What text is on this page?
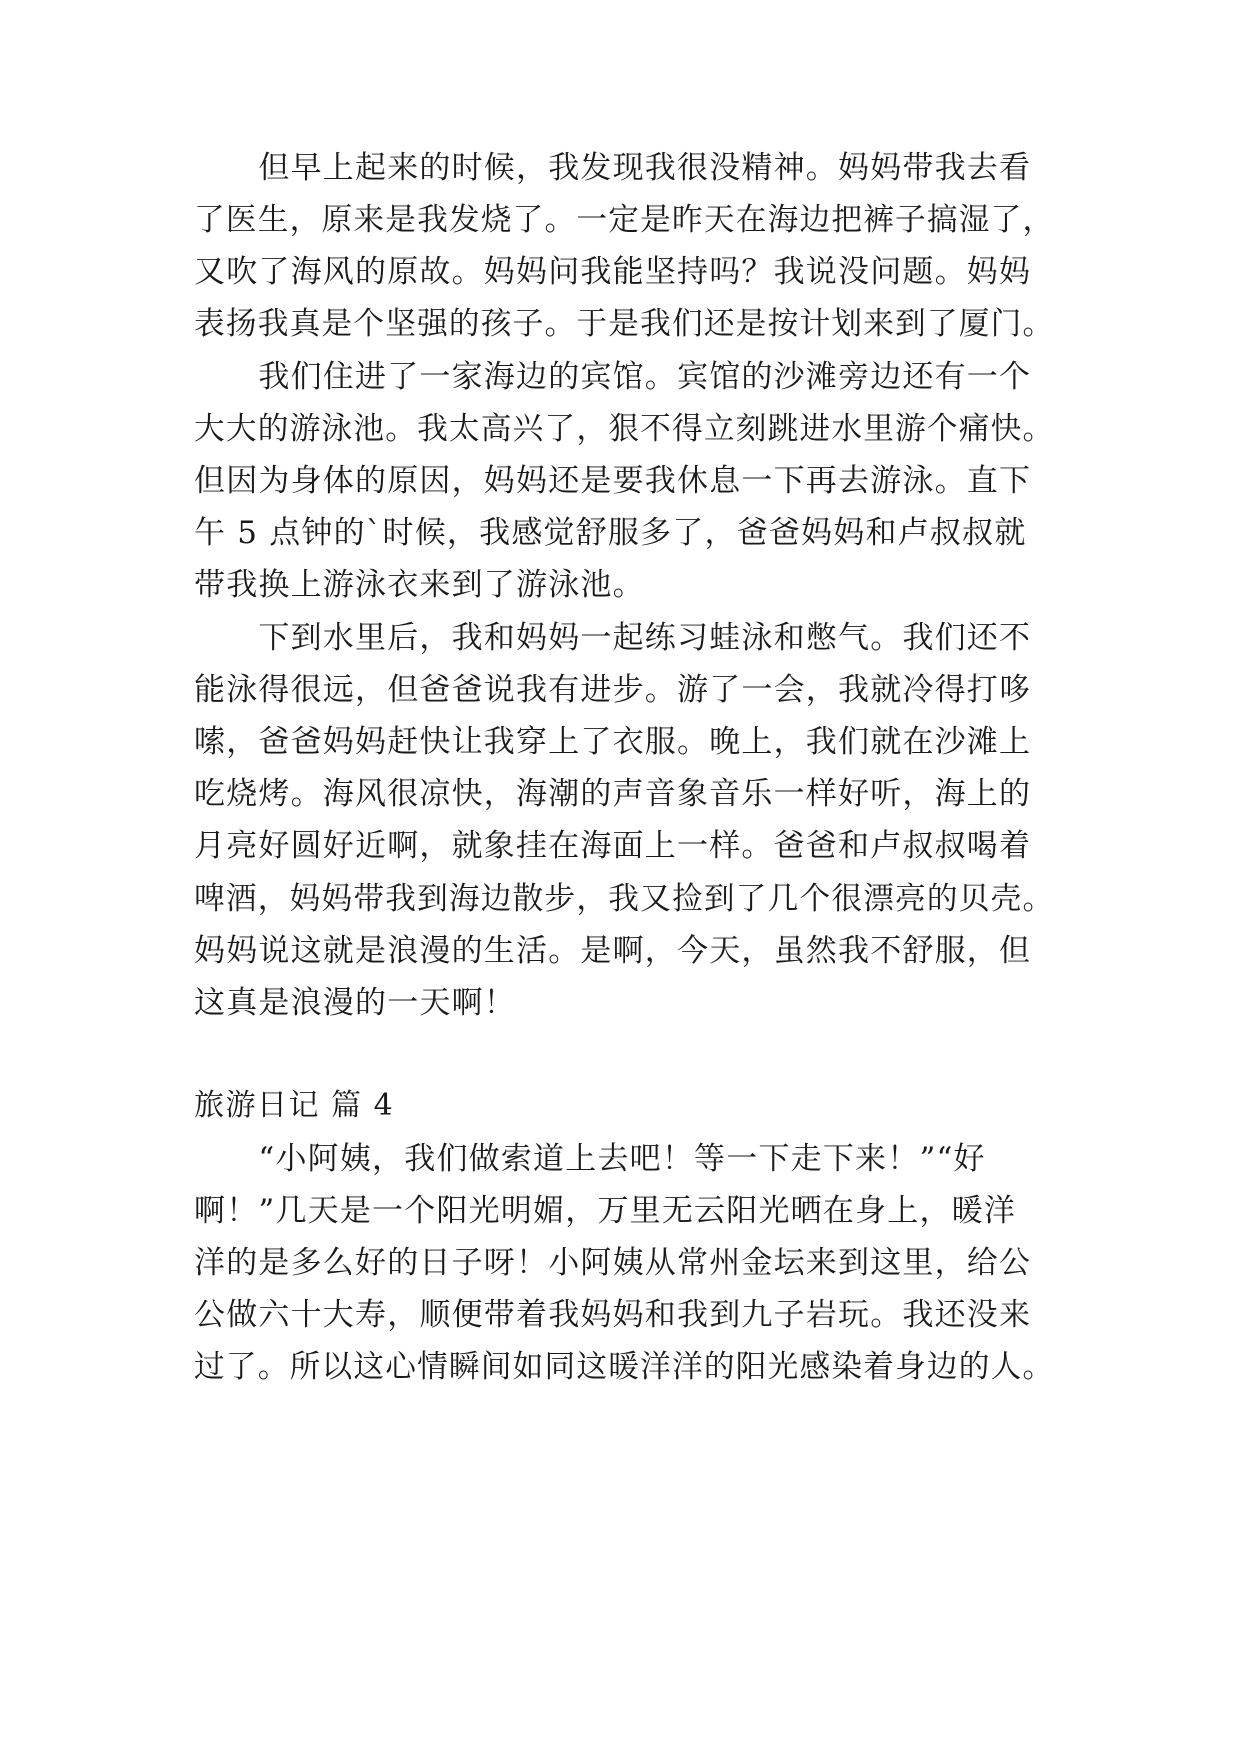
　　但早上起来的时候，我发现我很没精神。妈妈带我去看
了医生，原来是我发烧了。一定是昨天在海边把裤子搞湿了，
又吹了海风的原故。妈妈问我能坚持吗？我说没问题。妈妈
表扬我真是个坚强的孩子。于是我们还是按计划来到了厦门。
　　我们住进了一家海边的宾馆。宾馆的沙滩旁边还有一个
大大的游泳池。我太高兴了，狠不得立刻跳进水里游个痛快。
但因为身体的原因，妈妈还是要我休息一下再去游泳。直下
午 5 点钟的`时候，我感觉舒服多了，爸爸妈妈和卢叔叔就
带我换上游泳衣来到了游泳池。
　　下到水里后，我和妈妈一起练习蛙泳和憋气。我们还不
能泳得很远，但爸爸说我有进步。游了一会，我就冷得打哆
嗦，爸爸妈妈赶快让我穿上了衣服。晚上，我们就在沙滩上
吃烧烤。海风很凉快，海潮的声音象音乐一样好听，海上的
月亮好圆好近啊，就象挂在海面上一样。爸爸和卢叔叔喝着
啤酒，妈妈带我到海边散步，我又捡到了几个很漂亮的贝壳。
妈妈说这就是浪漫的生活。是啊，今天，虽然我不舒服，但
这真是浪漫的一天啊！
旅游日记 篇 4
　　“小阿姨，我们做索道上去吧！等一下走下来！”“好
啊！”几天是一个阳光明媚，万里无云阳光晒在身上，暖洋
洋的是多么好的日子呀！小阿姨从常州金坛来到这里，给公
公做六十大寿，顺便带着我妈妈和我到九子岩玩。我还没来
过了。所以这心情瞬间如同这暖洋洋的阳光感染着身边的人。
